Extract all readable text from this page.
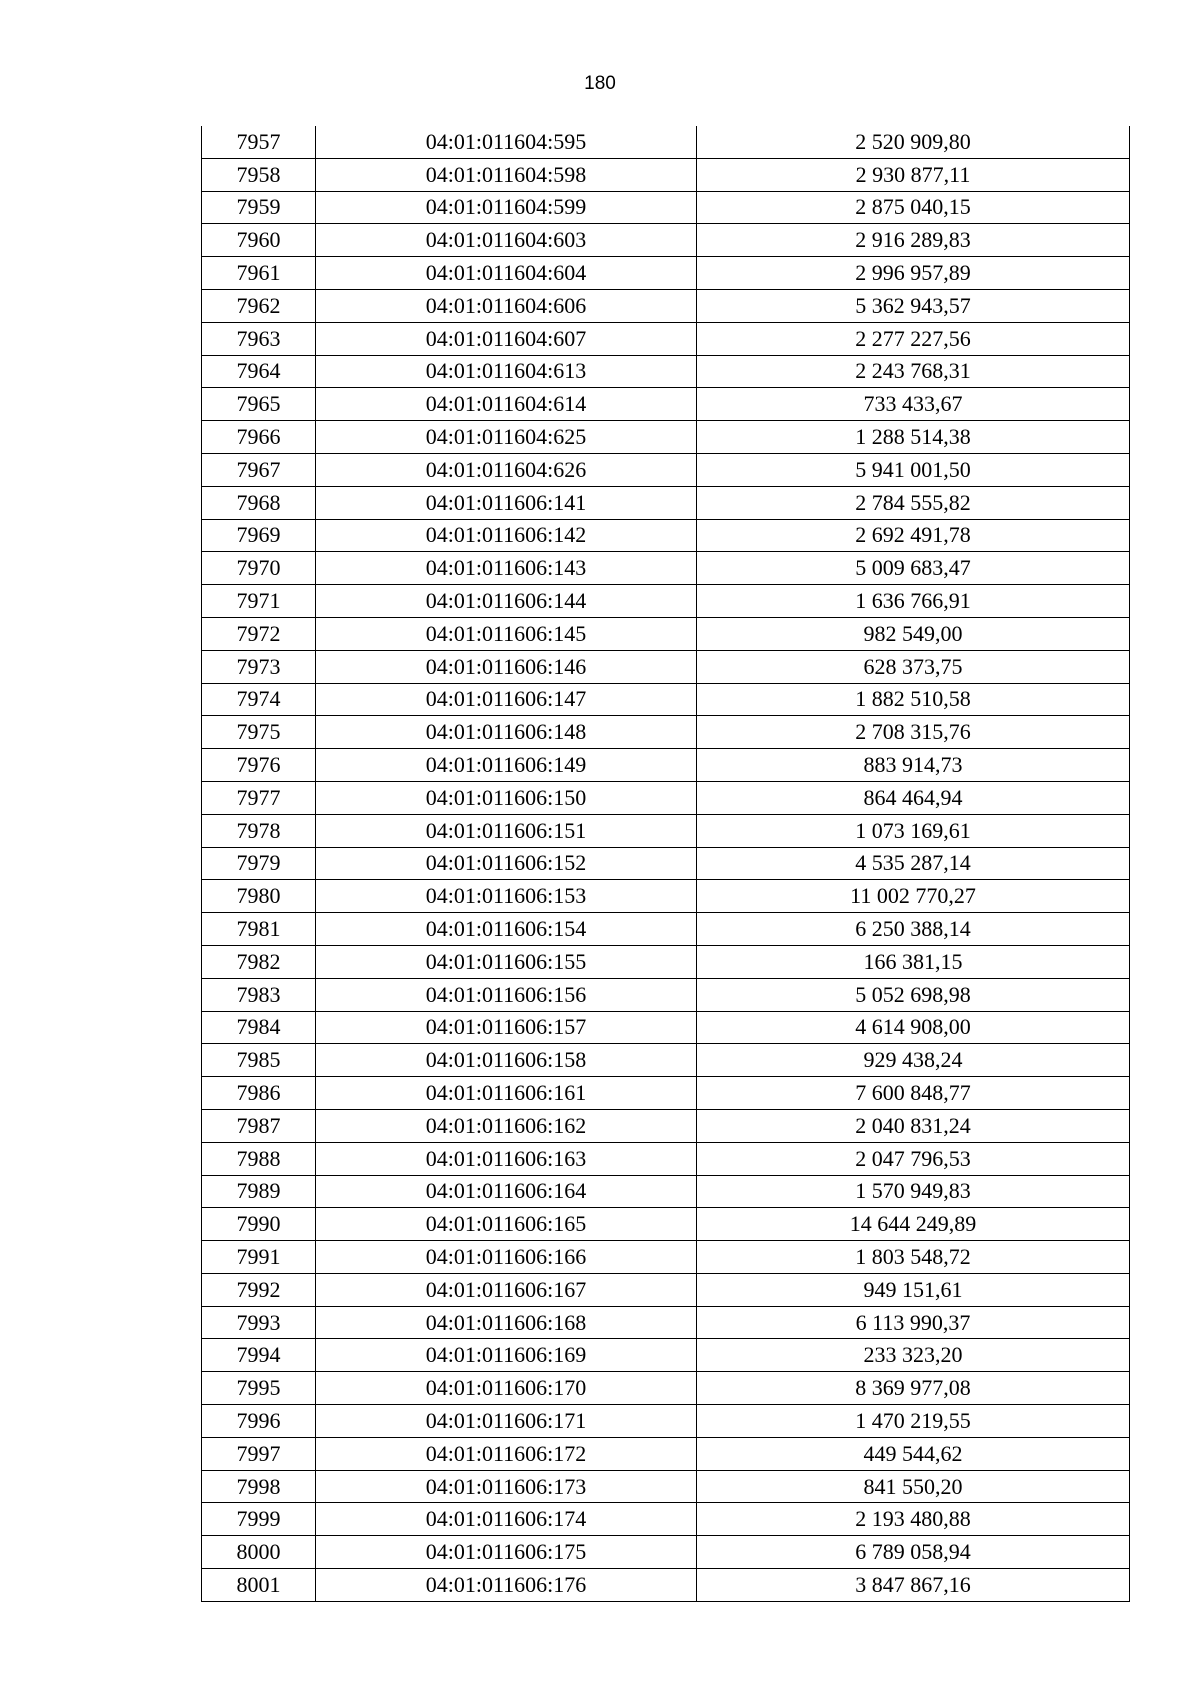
180
7957	04:01:011604:595	2 520 909,80
7958	04:01:011604:598	2 930 877,11
7959	04:01:011604:599	2 875 040,15
7960	04:01:011604:603	2 916 289,83
7961	04:01:011604:604	2 996 957,89
7962	04:01:011604:606	5 362 943,57
7963	04:01:011604:607	2 277 227,56
7964	04:01:011604:613	2 243 768,31
7965	04:01:011604:614	733 433,67
7966	04:01:011604:625	1 288 514,38
7967	04:01:011604:626	5 941 001,50
7968	04:01:011606:141	2 784 555,82
7969	04:01:011606:142	2 692 491,78
7970	04:01:011606:143	5 009 683,47
7971	04:01:011606:144	1 636 766,91
7972	04:01:011606:145	982 549,00
7973	04:01:011606:146	628 373,75
7974	04:01:011606:147	1 882 510,58
7975	04:01:011606:148	2 708 315,76
7976	04:01:011606:149	883 914,73
7977	04:01:011606:150	864 464,94
7978	04:01:011606:151	1 073 169,61
7979	04:01:011606:152	4 535 287,14
7980	04:01:011606:153	11 002 770,27
7981	04:01:011606:154	6 250 388,14
7982	04:01:011606:155	166 381,15
7983	04:01:011606:156	5 052 698,98
7984	04:01:011606:157	4 614 908,00
7985	04:01:011606:158	929 438,24
7986	04:01:011606:161	7 600 848,77
7987	04:01:011606:162	2 040 831,24
7988	04:01:011606:163	2 047 796,53
7989	04:01:011606:164	1 570 949,83
7990	04:01:011606:165	14 644 249,89
7991	04:01:011606:166	1 803 548,72
7992	04:01:011606:167	949 151,61
7993	04:01:011606:168	6 113 990,37
7994	04:01:011606:169	233 323,20
7995	04:01:011606:170	8 369 977,08
7996	04:01:011606:171	1 470 219,55
7997	04:01:011606:172	449 544,62
7998	04:01:011606:173	841 550,20
7999	04:01:011606:174	2 193 480,88
8000	04:01:011606:175	6 789 058,94
8001	04:01:011606:176	3 847 867,16
